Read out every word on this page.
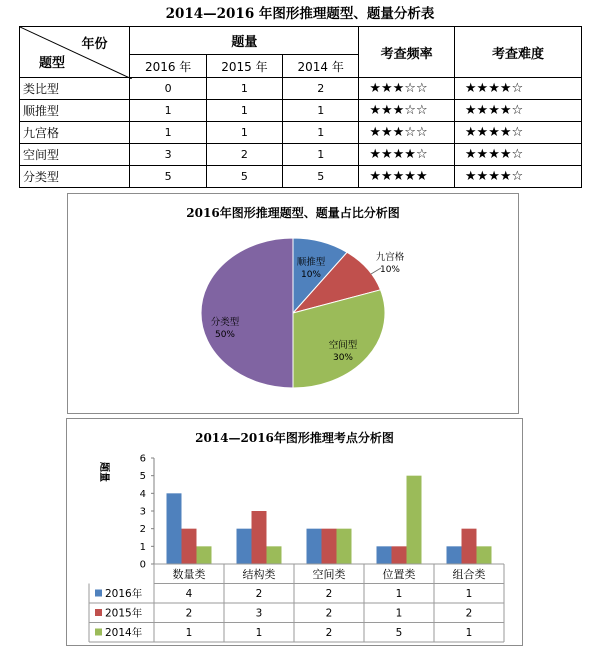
2014—2016 年图形推理题型、题量分析表
年份
题型	题量			考查频率	考查难度
	2016 年	2015 年	2014 年		
类比型	0	1	2	★★★☆☆	★★★★☆
顺推型	1	1	1	★★★☆☆	★★★★☆
九宫格	1	1	1	★★★☆☆	★★★★☆
空间型	3	2	1	★★★★☆	★★★★☆
分类型	5	5	5	★★★★★	★★★★☆
2016年图形推理题型、题量占比分析图
顺推型
10%
九宫格
10%
空间型
30%
分类型
50%
2014—2016年图形推理考点分析图
题量
0
1
2
3
4
5
6
数量类	结构类	空间类	位置类	组合类
2016年	4	2	2	1	1
2015年	2	3	2	1	2
2014年	1	1	2	5	1
